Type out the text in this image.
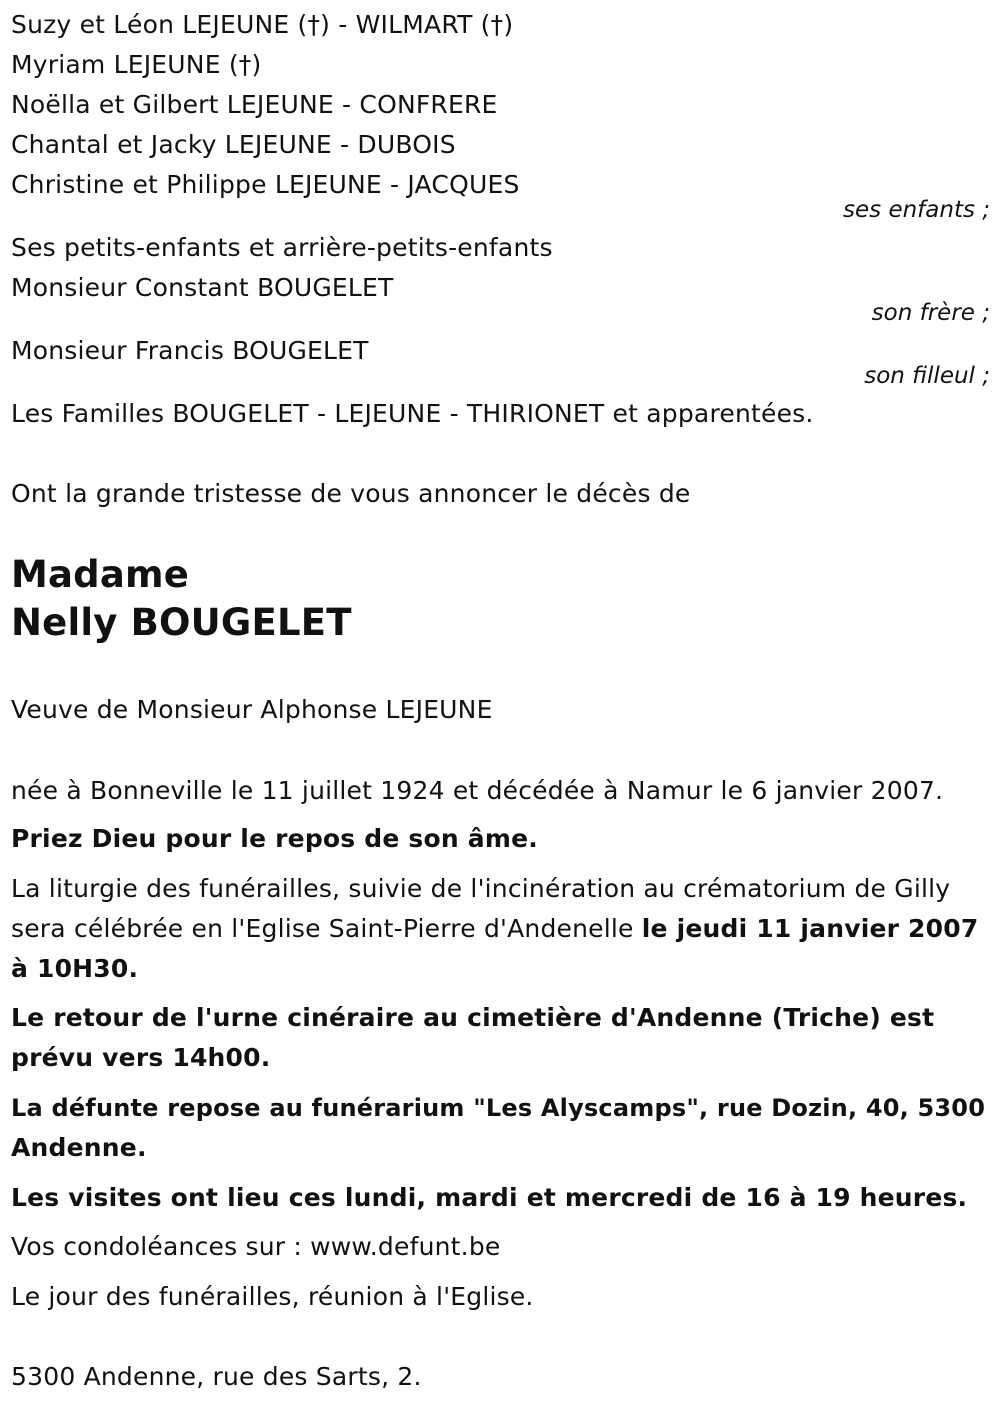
Suzy et Léon LEJEUNE (†) - WILMART (†)
Myriam LEJEUNE (†)
Noëlla et Gilbert LEJEUNE - CONFRERE
Chantal et Jacky LEJEUNE - DUBOIS
Christine et Philippe LEJEUNE - JACQUES
ses enfants ;
Ses petits-enfants et arrière-petits-enfants
Monsieur Constant BOUGELET
son frère ;
Monsieur Francis BOUGELET
son filleul ;
Les Familles BOUGELET - LEJEUNE - THIRIONET et apparentées.
Ont la grande tristesse de vous annoncer le décès de
Madame
Nelly BOUGELET
Veuve de Monsieur Alphonse LEJEUNE
née à Bonneville le 11 juillet 1924 et décédée à Namur le 6 janvier 2007.
Priez Dieu pour le repos de son âme.
La liturgie des funérailles, suivie de l'incinération au crématorium de Gilly
sera célébrée en l'Eglise Saint-Pierre d'Andenelle le jeudi 11 janvier 2007
à 10H30.
Le retour de l'urne cinéraire au cimetière d'Andenne (Triche) est
prévu vers 14h00.
La défunte repose au funérarium "Les Alyscamps", rue Dozin, 40, 5300
Andenne.
Les visites ont lieu ces lundi, mardi et mercredi de 16 à 19 heures.
Vos condoléances sur : www.defunt.be
Le jour des funérailles, réunion à l'Eglise.
5300 Andenne, rue des Sarts, 2.
